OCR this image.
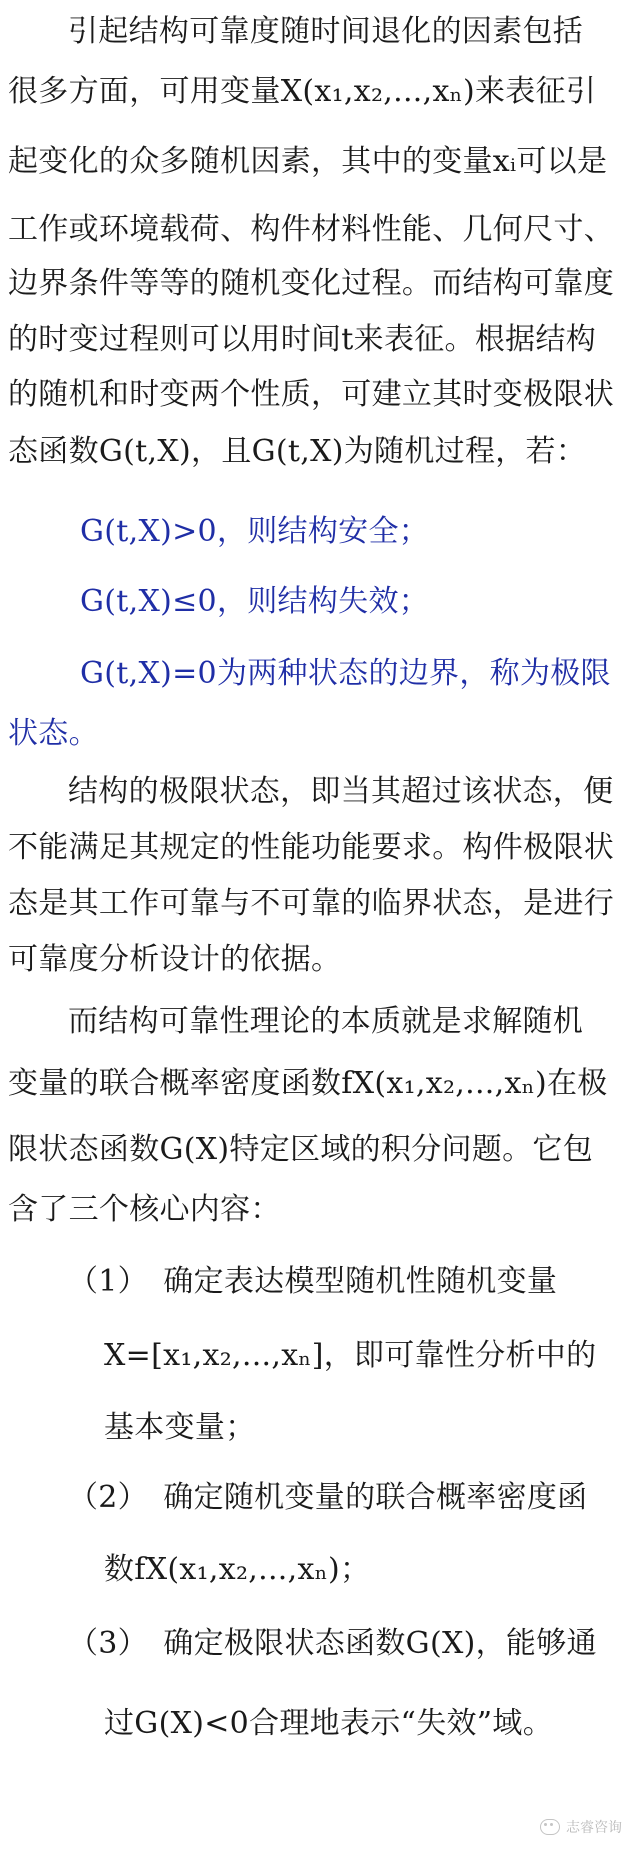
引起结构可靠度随时间退化的因素包括
很多方面，可用变量X(x₁,x₂,...,xₙ)来表征引
起变化的众多随机因素，其中的变量xᵢ可以是
工作或环境载荷、构件材料性能、几何尺寸、
边界条件等等的随机变化过程。而结构可靠度
的时变过程则可以用时间t来表征。根据结构
的随机和时变两个性质，可建立其时变极限状
态函数G(t,X)，且G(t,X)为随机过程，若：
G(t,X)>0，则结构安全；
G(t,X)≤0，则结构失效；
G(t,X)=0为两种状态的边界，称为极限
状态。
结构的极限状态，即当其超过该状态，便
不能满足其规定的性能功能要求。构件极限状
态是其工作可靠与不可靠的临界状态，是进行
可靠度分析设计的依据。
而结构可靠性理论的本质就是求解随机
变量的联合概率密度函数fX(x₁,x₂,...,xₙ)在极
限状态函数G(X)特定区域的积分问题。它包
含了三个核心内容：
（1）　确定表达模型随机性随机变量
X=[x₁,x₂,...,xₙ]，即可靠性分析中的
基本变量；
（2）　确定随机变量的联合概率密度函
数fX(x₁,x₂,...,xₙ)；
（3）　确定极限状态函数G(X)，能够通
过G(X)<0合理地表示“失效”域。
志睿咨询
